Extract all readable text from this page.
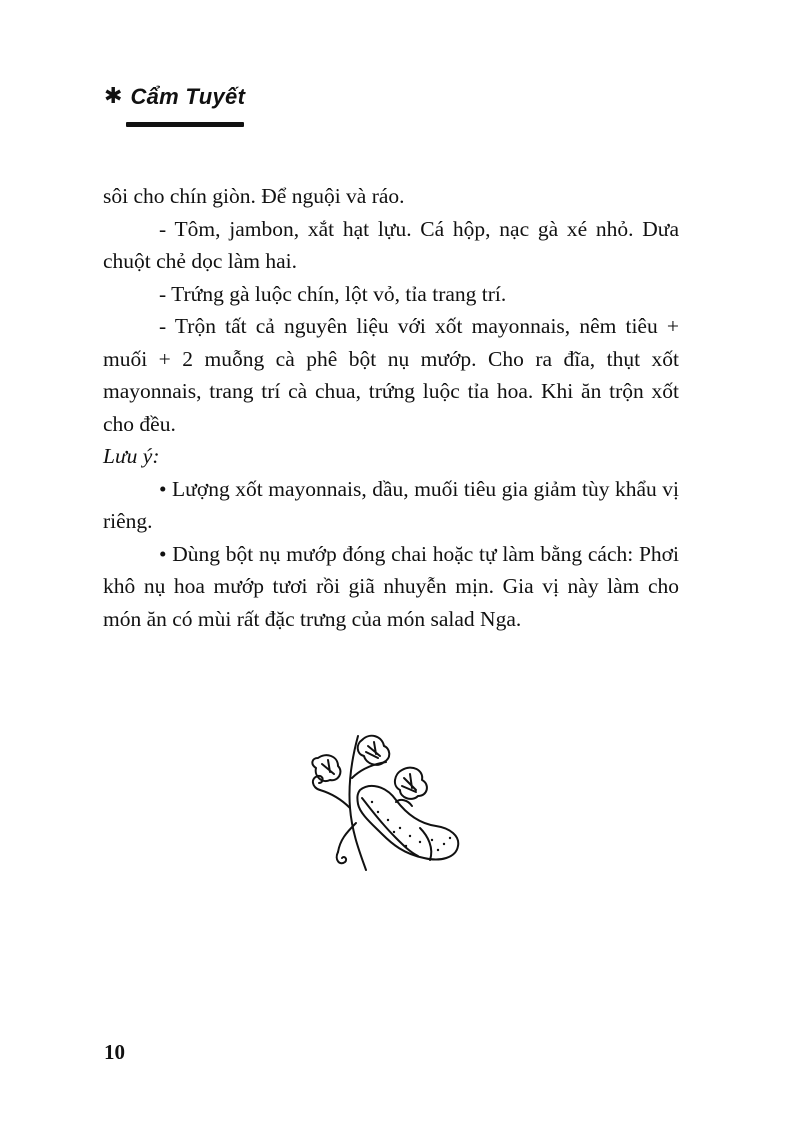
✱ Cẩm Tuyết

sôi cho chín giòn. Để nguội và ráo.

- Tôm, jambon, xắt hạt lựu. Cá hộp, nạc gà xé nhỏ. Dưa chuột chẻ dọc làm hai.

- Trứng gà luộc chín, lột vỏ, tỉa trang trí.

- Trộn tất cả nguyên liệu với xốt mayonnais, nêm tiêu + muối + 2 muỗng cà phê bột nụ mướp. Cho ra đĩa, thụt xốt mayonnais, trang trí cà chua, trứng luộc tỉa hoa. Khi ăn trộn xốt cho đều.

Lưu ý:

• Lượng xốt mayonnais, dầu, muối tiêu gia giảm tùy khẩu vị riêng.

• Dùng bột nụ mướp đóng chai hoặc tự làm bằng cách: Phơi khô nụ hoa mướp tươi rồi giã nhuyễn mịn. Gia vị này làm cho món ăn có mùi rất đặc trưng của món salad Nga.

10
